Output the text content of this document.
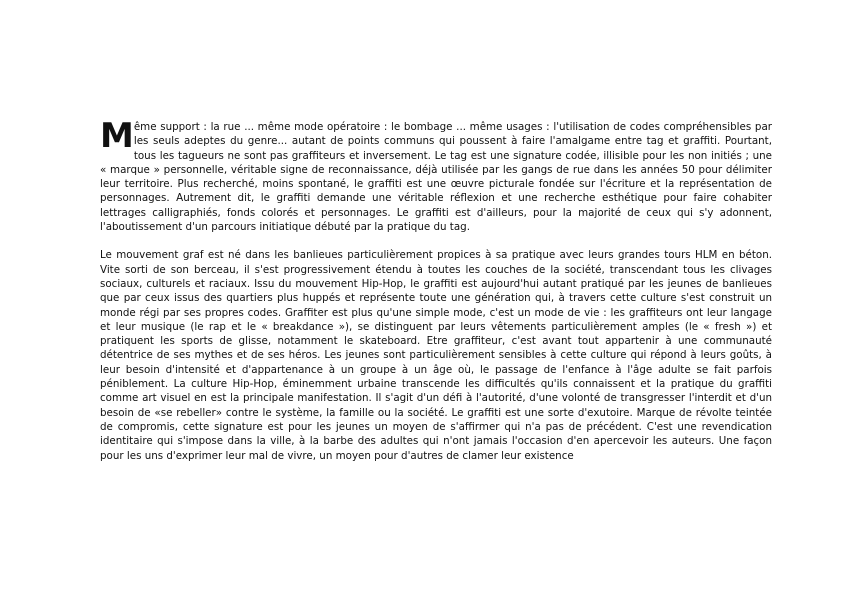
Même support : la rue ... même mode opératoire : le bombage ... même usages : l'utilisation de codes compréhensibles par les seuls adeptes du genre... autant de points communs qui poussent à faire l'amalgame entre tag et graffiti. Pourtant, tous les tagueurs ne sont pas graffiteurs et inversement. Le tag est une signature codée, illisible pour les non initiés ; une « marque » personnelle, véritable signe de reconnaissance, déjà utilisée par les gangs de rue dans les années 50 pour délimiter leur territoire. Plus recherché, moins spontané, le graffiti est une œuvre picturale fondée sur l'écriture et la représentation de personnages. Autrement dit, le graffiti demande une véritable réflexion et une recherche esthétique pour faire cohabiter lettrages calligraphiés, fonds colorés et personnages. Le graffiti est d'ailleurs, pour la majorité de ceux qui s'y adonnent, l'aboutissement d'un parcours initiatique débuté par la pratique du tag.

Le mouvement graf est né dans les banlieues particulièrement propices à sa pratique avec leurs grandes tours HLM en béton. Vite sorti de son berceau, il s'est progressivement étendu à toutes les couches de la société, transcendant tous les clivages sociaux, culturels et raciaux. Issu du mouvement Hip-Hop, le graffiti est aujourd'hui autant pratiqué par les jeunes de banlieues que par ceux issus des quartiers plus huppés et représente toute une génération qui, à travers cette culture s'est construit un monde régi par ses propres codes. Graffiter est plus qu'une simple mode, c'est un mode de vie : les graffiteurs ont leur langage et leur musique (le rap et le « breakdance »), se distinguent par leurs vêtements particulièrement amples (le « fresh ») et pratiquent les sports de glisse, notamment le skateboard. Etre graffiteur, c'est avant tout appartenir à une communauté détentrice de ses mythes et de ses héros. Les jeunes sont particulièrement sensibles à cette culture qui répond à leurs goûts, à leur besoin d'intensité et d'appartenance à un groupe à un âge où, le passage de l'enfance à l'âge adulte se fait parfois péniblement. La culture Hip-Hop, éminemment urbaine transcende les difficultés qu'ils connaissent et la pratique du graffiti comme art visuel en est la principale manifestation. Il s'agit d'un défi à l'autorité, d'une volonté de transgresser l'interdit et d'un besoin de «se rebeller» contre le système, la famille ou la société. Le graffiti est une sorte d'exutoire. Marque de révolte teintée de compromis, cette signature est pour les jeunes un moyen de s'affirmer qui n'a pas de précédent. C'est une revendication identitaire qui s'impose dans la ville, à la barbe des adultes qui n'ont jamais l'occasion d'en apercevoir les auteurs. Une façon pour les uns d'exprimer leur mal de vivre, un moyen pour d'autres de clamer leur existence
